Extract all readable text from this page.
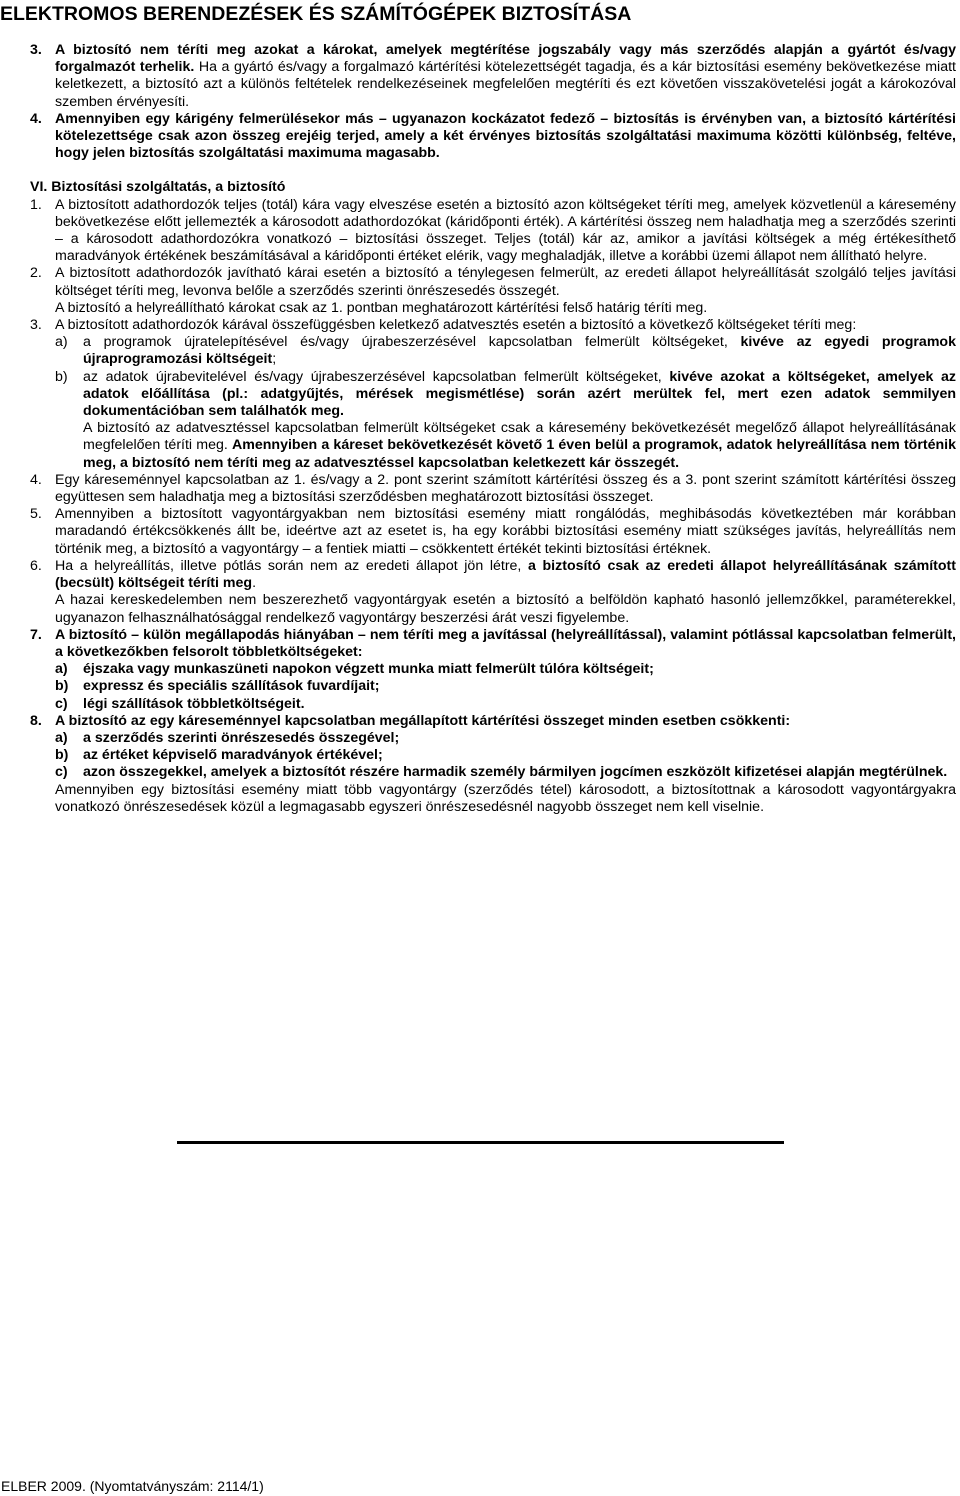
ELEKTROMOS BERENDEZÉSEK ÉS SZÁMÍTÓGÉPEK BIZTOSÍTÁSA
3. A biztosító nem téríti meg azokat a károkat, amelyek megtérítése jogszabály vagy más szerződés alapján a gyártót és/vagy forgalmazót terhelik. Ha a gyártó és/vagy a forgalmazó kártérítési kötelezettségét tagadja, és a kár biztosítási esemény bekövetkezése miatt keletkezett, a biztosító azt a különös feltételek rendelkezéseinek megfelelően megtéríti és ezt követően visszakövetelési jogát a károkozóval szemben érvényesíti.
4. Amennyiben egy kárigény felmerülésekor más – ugyanazon kockázatot fedező – biztosítás is érvényben van, a biztosító kártérítési kötelezettsége csak azon összeg erejéig terjed, amely a két érvényes biztosítás szolgáltatási maximuma közötti különbség, feltéve, hogy jelen biztosítás szolgáltatási maximuma magasabb.
VI. Biztosítási szolgáltatás, a biztosító
1. A biztosított adathordozók teljes (totál) kára vagy elveszése esetén a biztosító azon költségeket téríti meg, amelyek közvetlenül a káresemény bekövetkezése előtt jellemezték a károsodott adathordozókat (káridőponti érték). A kártérítési összeg nem haladhatja meg a szerződés szerinti – a károsodott adathordozókra vonatkozó – biztosítási összeget. Teljes (totál) kár az, amikor a javítási költségek a még értékesíthető maradványok értékének beszámításával a káridőponti értéket elérik, vagy meghaladják, illetve a korábbi üzemi állapot nem állítható helyre.
2. A biztosított adathordozók javítható kárai esetén a biztosító a ténylegesen felmerült, az eredeti állapot helyreállítását szolgáló teljes javítási költséget téríti meg, levonva belőle a szerződés szerinti önrészesedés összegét.
A biztosító a helyreállítható károkat csak az 1. pontban meghatározott kártérítési felső határig téríti meg.
3. A biztosított adathordozók kárával összefüggésben keletkező adatvesztés esetén a biztosító a következő költségeket téríti meg:
a) a programok újratelepítésével és/vagy újrabeszerzésével kapcsolatban felmerült költségeket, kivéve az egyedi programok újraprogramozási költségeit;
b) az adatok újrabevitelével és/vagy újrabeszerzésével kapcsolatban felmerült költségeket, kivéve azokat a költségeket, amelyek az adatok előállítása (pl.: adatgyűjtés, mérések megismétlése) során azért merültek fel, mert ezen adatok semmilyen dokumentációban sem találhatók meg.
A biztosító az adatvesztéssel kapcsolatban felmerült költségeket csak a káresemény bekövetkezését megelőző állapot helyreállításának megfelelően téríti meg. Amennyiben a káreset bekövetkezését követő 1 éven belül a programok, adatok helyreállítása nem történik meg, a biztosító nem téríti meg az adatvesztéssel kapcsolatban keletkezett kár összegét.
4. Egy káreseménnyel kapcsolatban az 1. és/vagy a 2. pont szerint számított kártérítési összeg és a 3. pont szerint számított kártérítési összeg együttesen sem haladhatja meg a biztosítási szerződésben meghatározott biztosítási összeget.
5. Amennyiben a biztosított vagyontárgyakban nem biztosítási esemény miatt rongálódás, meghibásodás következtében már korábban maradandó értékcsökkenés állt be, ideértve azt az esetet is, ha egy korábbi biztosítási esemény miatt szükséges javítás, helyreállítás nem történik meg, a biztosító a vagyontárgy – a fentiek miatti – csökkentett értékét tekinti biztosítási értéknek.
6. Ha a helyreállítás, illetve pótlás során nem az eredeti állapot jön létre, a biztosító csak az eredeti állapot helyreállításának számított (becsült) költségeit téríti meg.
A hazai kereskedelemben nem beszerezhető vagyontárgyak esetén a biztosító a belföldön kapható hasonló jellemzőkkel, paraméterekkel, ugyanazon felhasználhatósággal rendelkező vagyontárgy beszerzési árát veszi figyelembe.
7. A biztosító – külön megállapodás hiányában – nem téríti meg a javítással (helyreállítással), valamint pótlással kapcsolatban felmerült, a következőkben felsorolt többletköltségeket:
a) éjszaka vagy munkaszüneti napokon végzett munka miatt felmerült túlóra költségeit;
b) expressz és speciális szállítások fuvardíjait;
c) légi szállítások többletköltségeit.
8. A biztosító az egy káreseménnyel kapcsolatban megállapított kártérítési összeget minden esetben csökkenti:
a) a szerződés szerinti önrészesedés összegével;
b) az értéket képviselő maradványok értékével;
c) azon összegekkel, amelyek a biztosítót részére harmadik személy bármilyen jogcímen eszközölt kifizetései alapján megtérülnek.
Amennyiben egy biztosítási esemény miatt több vagyontárgy (szerződés tétel) károsodott, a biztosítottnak a károsodott vagyontárgyakra vonatkozó önrészesedések közül a legmagasabb egyszeri önrészesedésnél nagyobb összeget nem kell viselnie.
ELBER 2009. (Nyomtatványszám: 2114/1)
